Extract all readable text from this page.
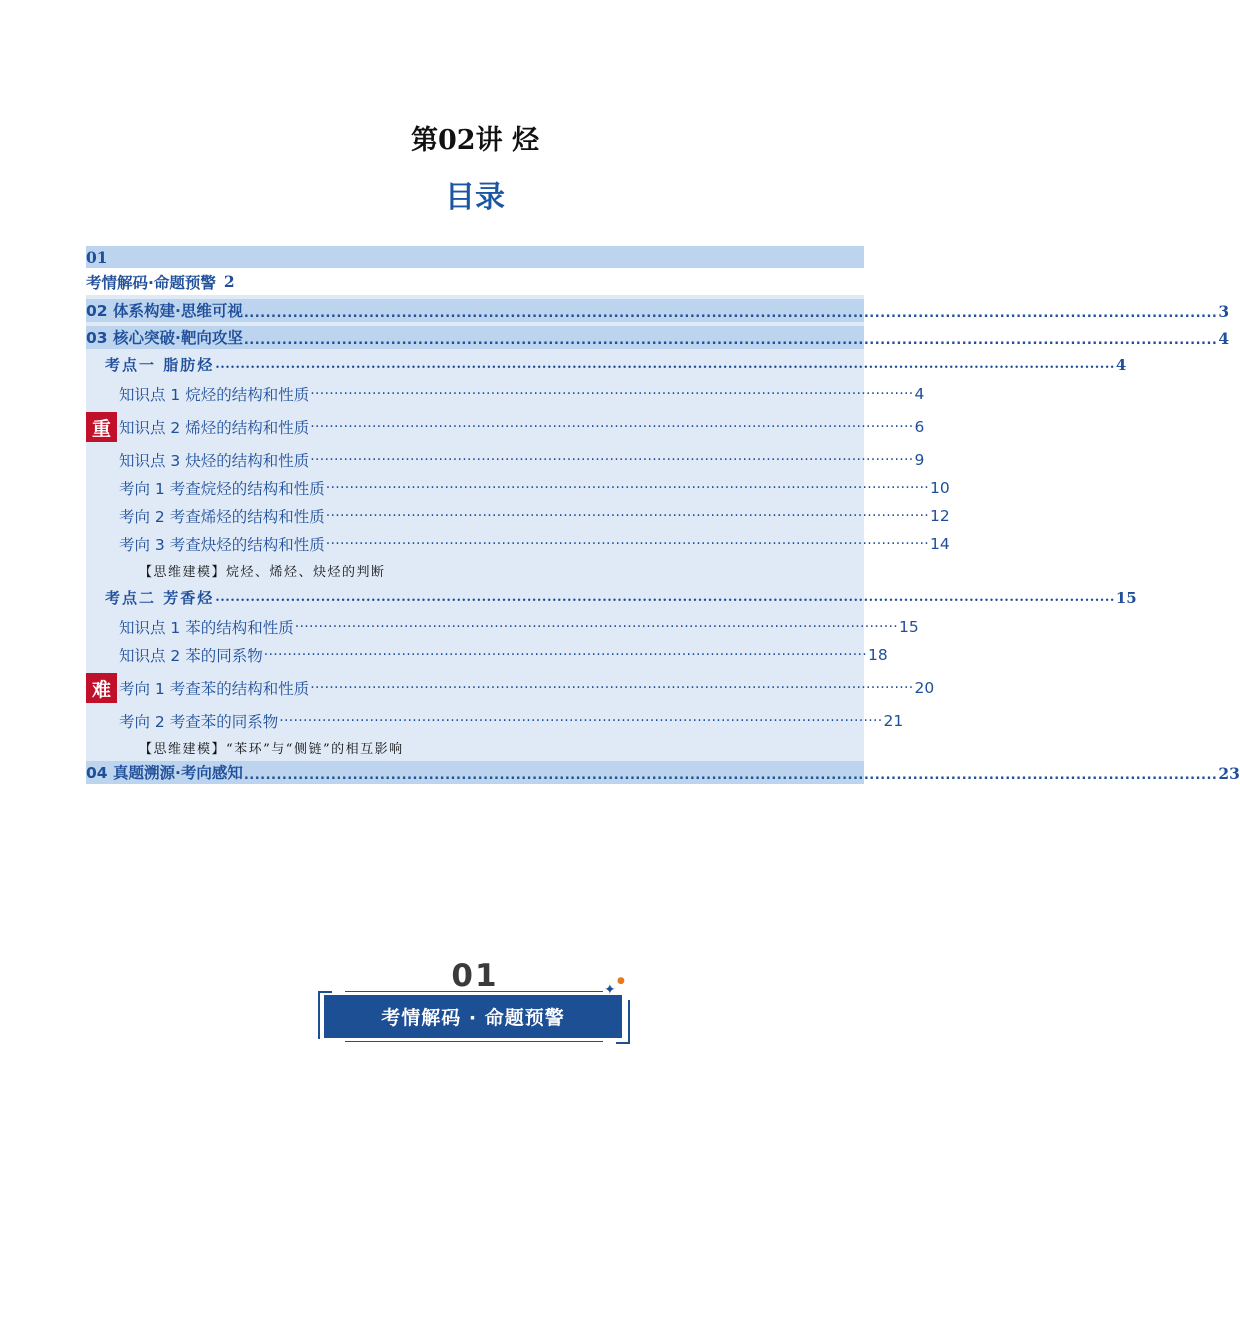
第02讲 烃
目录
01
考情解码·命题预警 2
02 体系构建·思维可视 ................................................................................................................................................................................... 3
03 核心突破·靶向攻坚 ................................................................................................................................................................................... 4
考点一 脂肪烃 ................................................................................................................................................................................... 4
知识点 1 烷烃的结构和性质 ······························································································································· 4
重 知识点 2 烯烃的结构和性质 ······························································································································· 6
知识点 3 炔烃的结构和性质 ······························································································································· 9
考向 1 考查烷烃的结构和性质 ······························································································································· 10
考向 2 考查烯烃的结构和性质 ······························································································································· 12
考向 3 考查炔烃的结构和性质 ······························································································································· 14
【思维建模】烷烃、烯烃、炔烃的判断
考点二 芳香烃 ................................................................................................................................................................................... 15
知识点 1 苯的结构和性质 ······························································································································· 15
知识点 2 苯的同系物 ······························································································································· 18
难 考向 1 考查苯的结构和性质 ······························································································································· 20
考向 2 考查苯的同系物 ······························································································································· 21
【思维建模】“苯环”与“侧链”的相互影响
04 真题溯源·考向感知 ................................................................................................................................................................................... 23
01
考情解码 · 命题预警
✦
●
